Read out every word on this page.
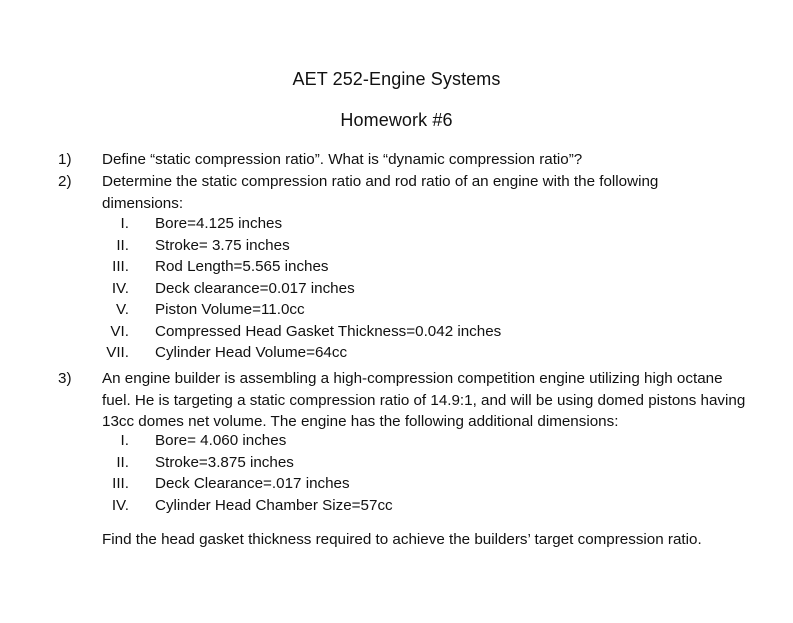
AET 252-Engine Systems
Homework #6
1) Define “static compression ratio”. What is “dynamic compression ratio”?
2) Determine the static compression ratio and rod ratio of an engine with the following
dimensions:
I. Bore=4.125 inches
II. Stroke= 3.75 inches
III. Rod Length=5.565 inches
IV. Deck clearance=0.017 inches
V. Piston Volume=11.0cc
VI. Compressed Head Gasket Thickness=0.042 inches
VII. Cylinder Head Volume=64cc
3) An engine builder is assembling a high-compression competition engine utilizing high octane
fuel. He is targeting a static compression ratio of 14.9:1, and will be using domed pistons having
13cc domes net volume. The engine has the following additional dimensions:
I. Bore= 4.060 inches
II. Stroke=3.875 inches
III. Deck Clearance=.017 inches
IV. Cylinder Head Chamber Size=57cc
Find the head gasket thickness required to achieve the builders’ target compression ratio.
